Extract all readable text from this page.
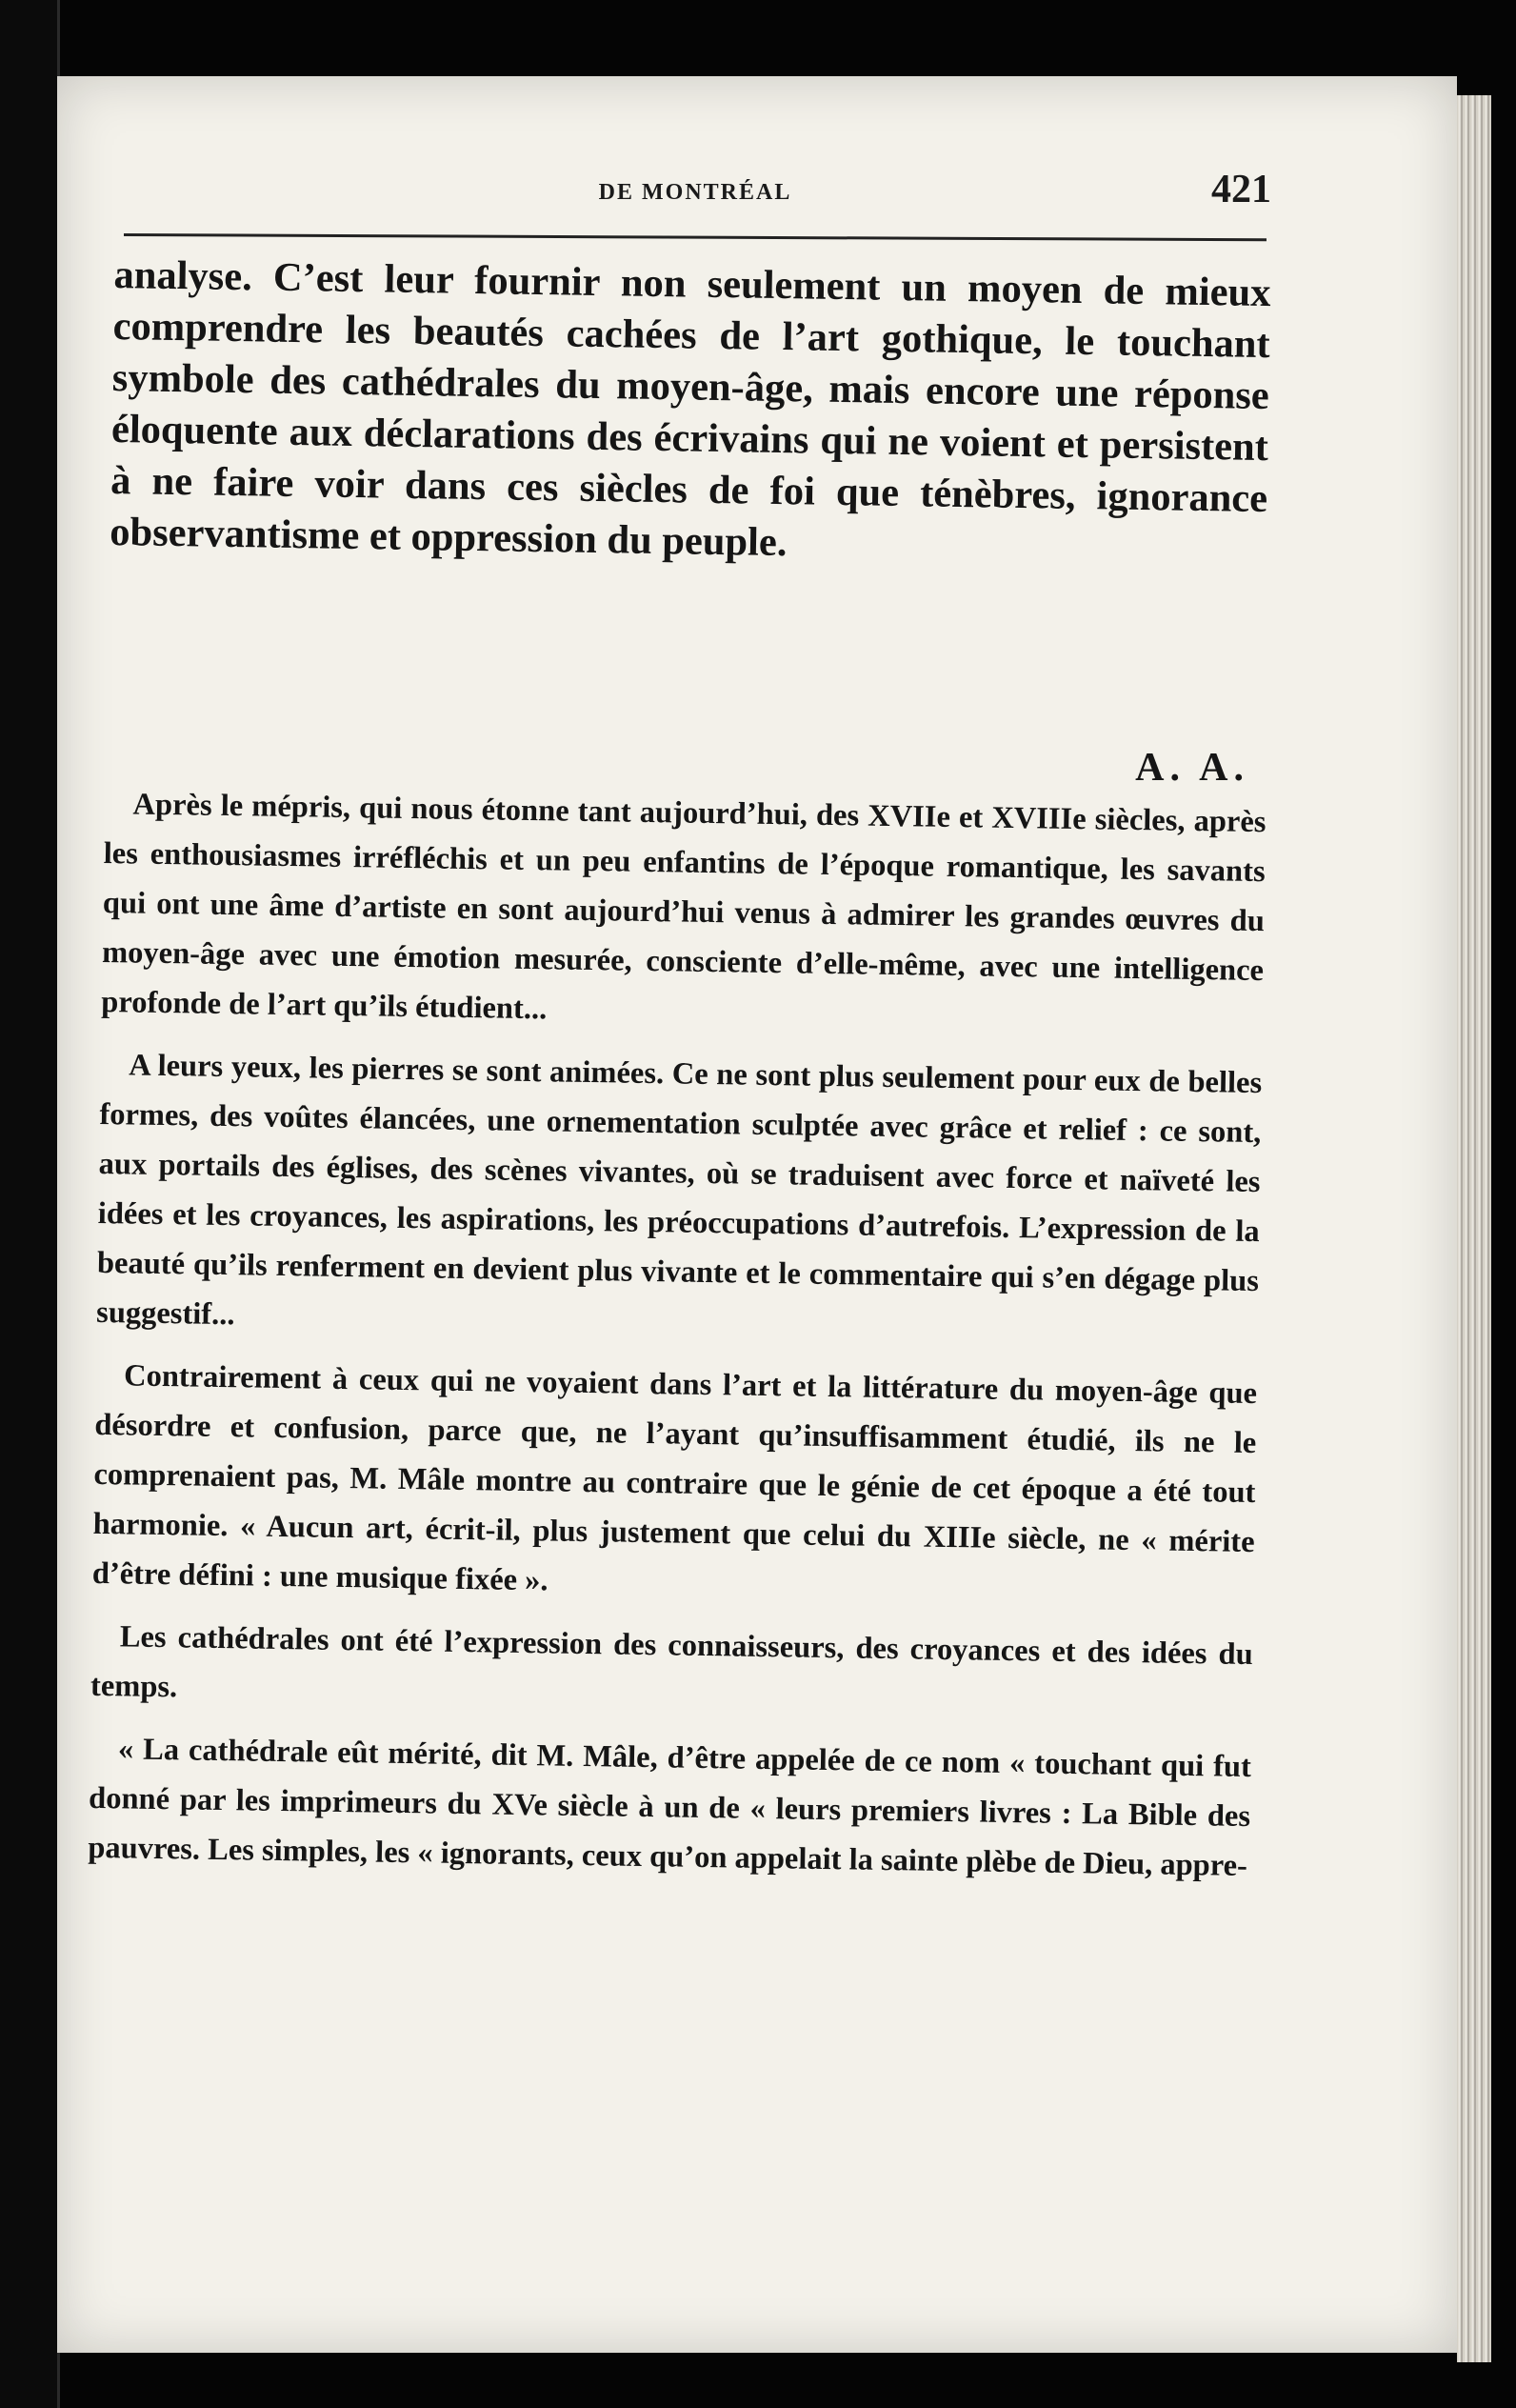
DE MONTRÉAL	421

analyse. C’est leur fournir non seulement un moyen de mieux comprendre les beautés cachées de l’art gothique, le touchant symbole des cathédrales du moyen-âge, mais encore une réponse éloquente aux déclarations des écrivains qui ne voient et persistent à ne faire voir dans ces siècles de foi que ténèbres, ignorance observantisme et oppression du peuple.

A. A.

Après le mépris, qui nous étonne tant aujourd’hui, des XVIIe et XVIIIe siècles, après les enthousiasmes irréfléchis et un peu enfantins de l’époque romantique, les savants qui ont une âme d’artiste en sont aujourd’hui venus à admirer les grandes œuvres du moyen-âge avec une émotion mesurée, consciente d’elle-même, avec une intelligence profonde de l’art qu’ils étudient...

A leurs yeux, les pierres se sont animées. Ce ne sont plus seulement pour eux de belles formes, des voûtes élancées, une ornementation sculptée avec grâce et relief : ce sont, aux portails des églises, des scènes vivantes, où se traduisent avec force et naïveté les idées et les croyances, les aspirations, les préoccupations d’autrefois. L’expression de la beauté qu’ils renferment en devient plus vivante et le commentaire qui s’en dégage plus suggestif...

Contrairement à ceux qui ne voyaient dans l’art et la littérature du moyen-âge que désordre et confusion, parce que, ne l’ayant qu’insuffisamment étudié, ils ne le comprenaient pas, M. Mâle montre au contraire que le génie de cet époque a été tout harmonie. « Aucun art, écrit-il, plus justement que celui du XIIIe siècle, ne « mérite d’être défini : une musique fixée ».

Les cathédrales ont été l’expression des connaisseurs, des croyances et des idées du temps.

« La cathédrale eût mérité, dit M. Mâle, d’être appelée de ce nom « touchant qui fut donné par les imprimeurs du XVe siècle à un de « leurs premiers livres : La Bible des pauvres. Les simples, les « ignorants, ceux qu’on appelait la sainte plèbe de Dieu, appre-
